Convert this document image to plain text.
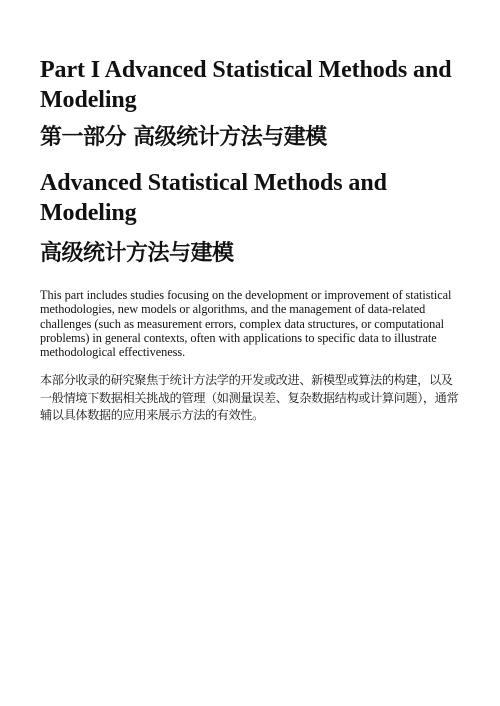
Part I Advanced Statistical Methods and Modeling
第一部分 高级统计方法与建模
Advanced Statistical Methods and Modeling
高级统计方法与建模

This part includes studies focusing on the development or improvement of statistical methodologies, new models or algorithms, and the management of data-related challenges (such as measurement errors, complex data structures, or computational problems) in general contexts, often with applications to specific data to illustrate methodological effectiveness.

本部分收录的研究聚焦于统计方法学的开发或改进、新模型或算法的构建，以及一般情境下数据相关挑战的管理（如测量误差、复杂数据结构或计算问题），通常辅以具体数据的应用来展示方法的有效性。
